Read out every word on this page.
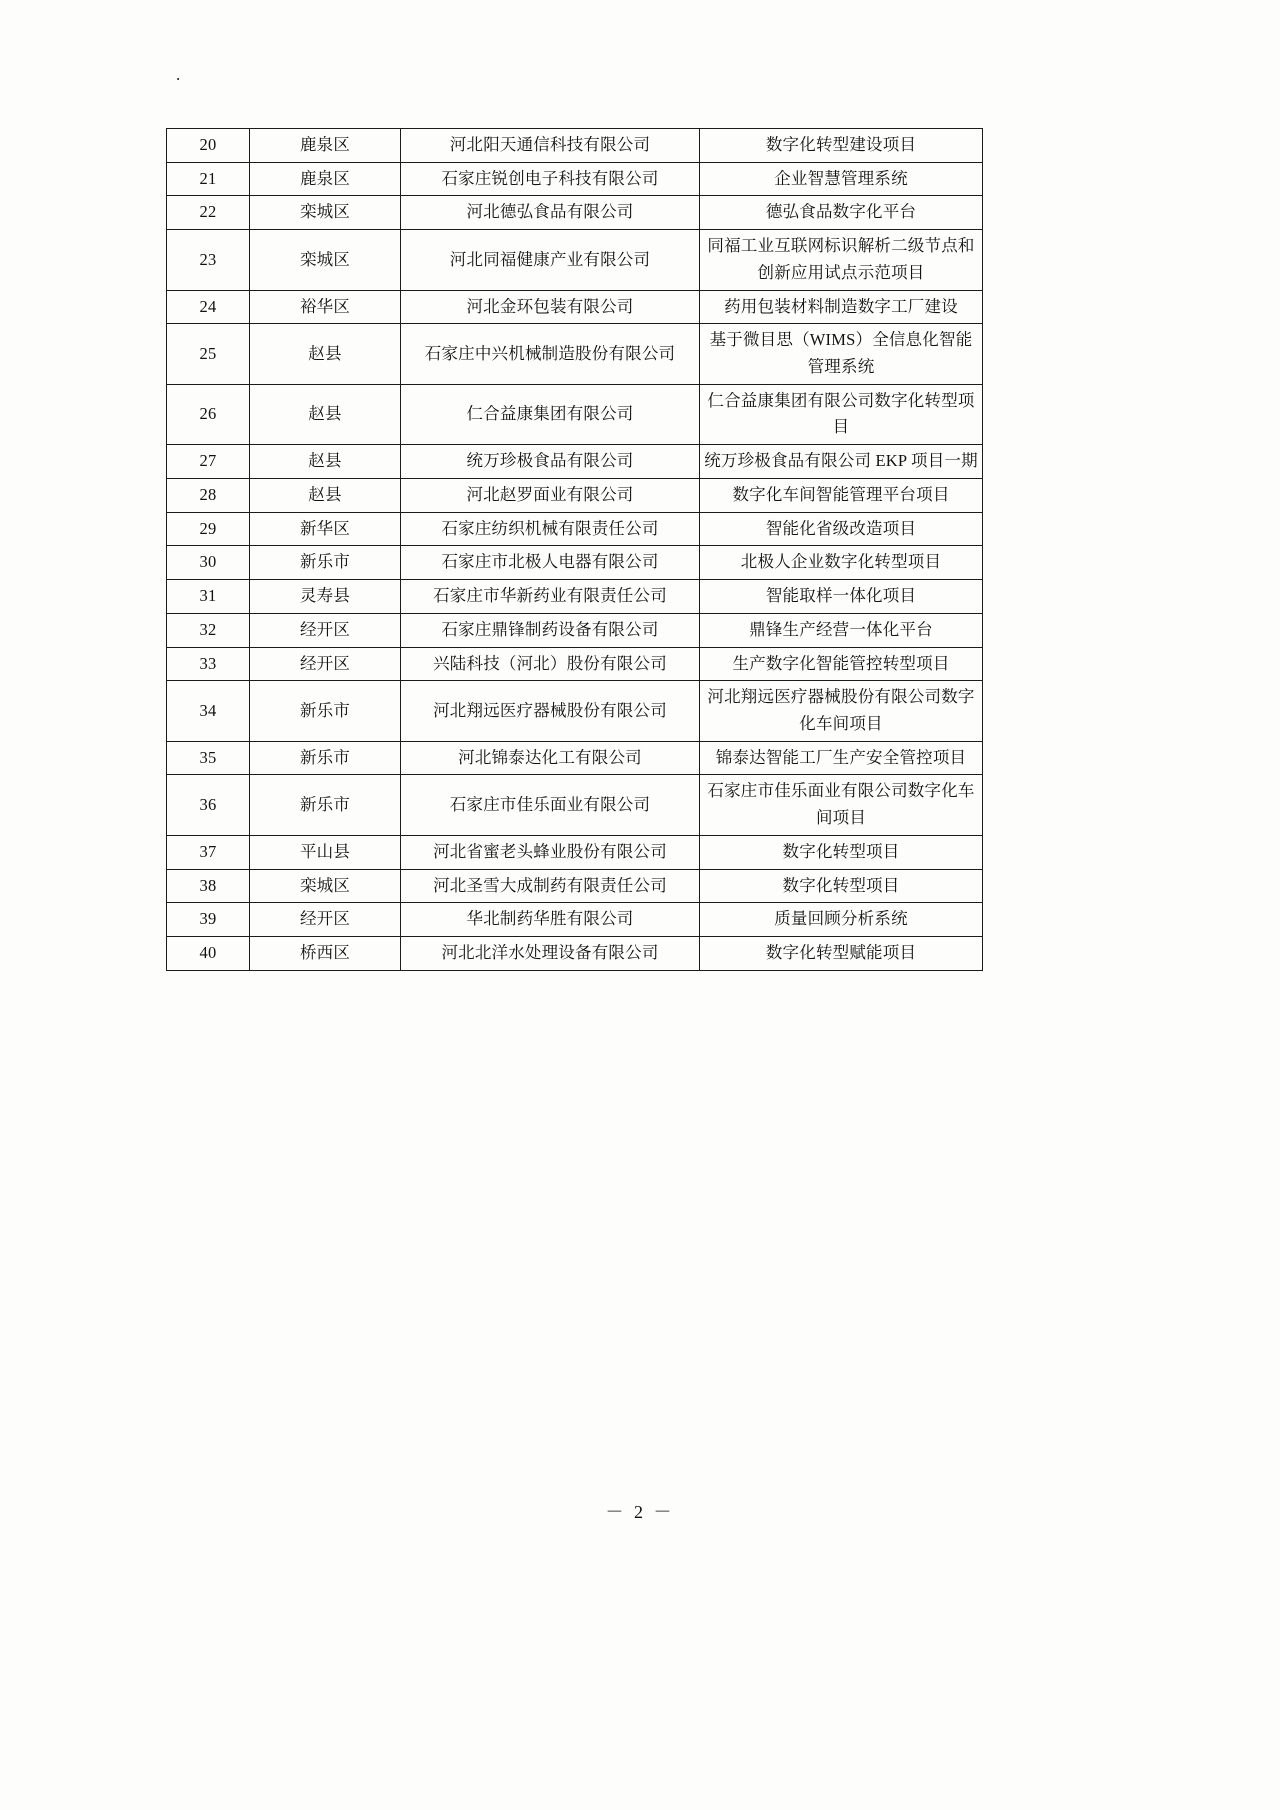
.
20	鹿泉区	河北阳天通信科技有限公司	数字化转型建设项目

21	鹿泉区	石家庄锐创电子科技有限公司	企业智慧管理系统

22	栾城区	河北德弘食品有限公司	德弘食品数字化平台

23	栾城区	河北同福健康产业有限公司	同福工业互联网标识解析二级节点和创新应用试点示范项目

24	裕华区	河北金环包装有限公司	药用包装材料制造数字工厂建设

25	赵县	石家庄中兴机械制造股份有限公司	基于微目思（WIMS）全信息化智能管理系统

26	赵县	仁合益康集团有限公司	仁合益康集团有限公司数字化转型项目

27	赵县	统万珍极食品有限公司	统万珍极食品有限公司 EKP 项目一期

28	赵县	河北赵罗面业有限公司	数字化车间智能管理平台项目

29	新华区	石家庄纺织机械有限责任公司	智能化省级改造项目

30	新乐市	石家庄市北极人电器有限公司	北极人企业数字化转型项目

31	灵寿县	石家庄市华新药业有限责任公司	智能取样一体化项目

32	经开区	石家庄鼎锋制药设备有限公司	鼎锋生产经营一体化平台

33	经开区	兴陆科技（河北）股份有限公司	生产数字化智能管控转型项目

34	新乐市	河北翔远医疗器械股份有限公司	河北翔远医疗器械股份有限公司数字化车间项目

35	新乐市	河北锦泰达化工有限公司	锦泰达智能工厂生产安全管控项目

36	新乐市	石家庄市佳乐面业有限公司	石家庄市佳乐面业有限公司数字化车间项目

37	平山县	河北省蜜老头蜂业股份有限公司	数字化转型项目

38	栾城区	河北圣雪大成制药有限责任公司	数字化转型项目

39	经开区	华北制药华胜有限公司	质量回顾分析系统

40	桥西区	河北北洋水处理设备有限公司	数字化转型赋能项目
－ 2 －
